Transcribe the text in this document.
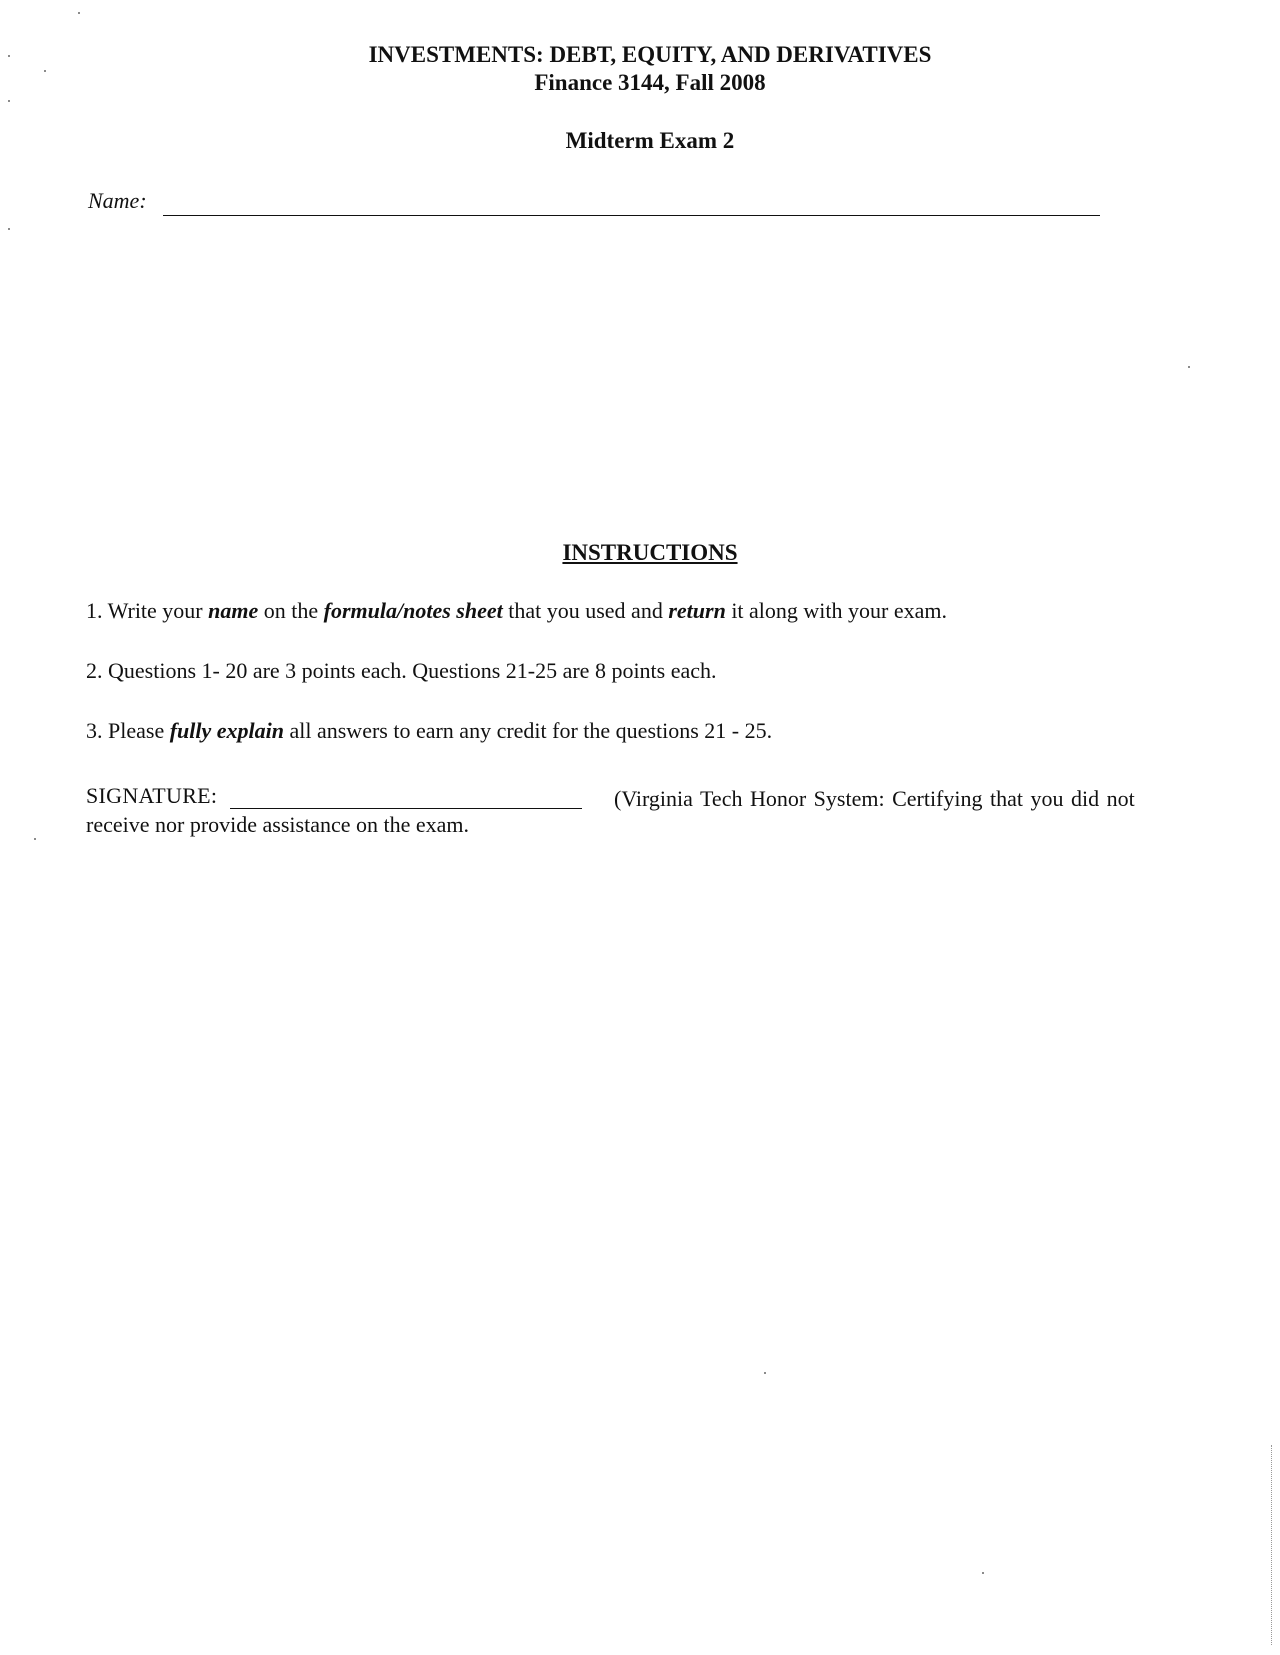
INVESTMENTS: DEBT, EQUITY, AND DERIVATIVES
Finance 3144, Fall 2008
Midterm Exam 2
Name:
INSTRUCTIONS
1. Write your name on the formula/notes sheet that you used and return it along with your exam.
2. Questions 1- 20 are 3 points each. Questions 21-25 are 8 points each.
3. Please fully explain all answers to earn any credit for the questions 21 - 25.
SIGNATURE:	(Virginia Tech Honor System: Certifying that you did not
receive nor provide assistance on the exam.
